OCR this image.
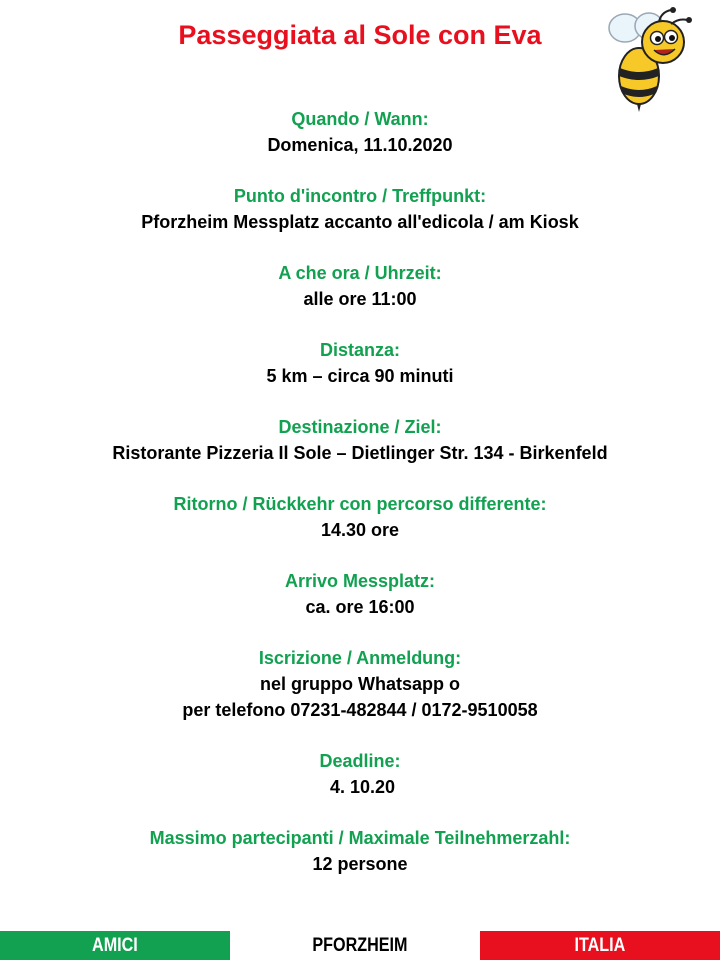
Passeggiata al Sole con Eva
Quando / Wann:
Domenica, 11.10.2020
Punto d'incontro / Treffpunkt:
Pforzheim Messplatz accanto all'edicola / am Kiosk
A che ora / Uhrzeit:
alle ore 11:00
Distanza:
5 km – circa 90 minuti
Destinazione / Ziel:
Ristorante Pizzeria Il Sole – Dietlinger Str. 134 - Birkenfeld
Ritorno / Rückkehr con percorso differente:
14.30 ore
Arrivo Messplatz:
ca. ore 16:00
Iscrizione / Anmeldung:
nel gruppo Whatsapp o
per telefono 07231-482844 / 0172-9510058
Deadline:
4. 10.20
Massimo partecipanti / Maximale Teilnehmerzahl:
12 persone
AMICI	PFORZHEIM	ITALIA
